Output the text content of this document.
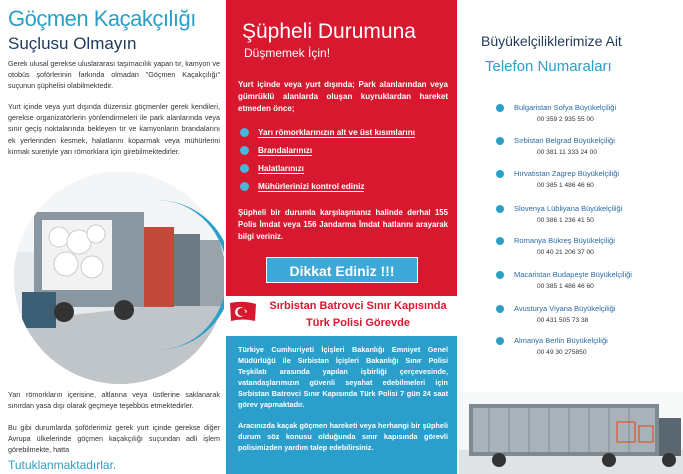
Göçmen Kaçakçılığı
Suçlusu Olmayın

Gerek ulusal gerekse uluslararası taşımacılık yapan tır, kamyon ve otobüs şoförlerinin farkında olmadan "Göçmen Kaçakçılığı" suçunun şüphelisi olabilmektedir.

Yurt içinde veya yurt dışında düzensiz göçmenler gerek kendileri, gerekse organizatörlerin yönlendirmeleri ile park alanlarında veya sınır geçiş noktalarında bekleyen tır ve kamyonların brandalarını ek yerlerinden kesmek, halatlarını koparmak veya mühürlerini kırmak suretiyle yarı römorklara için girebilmektedirler.

Yarı römorkların içerisine, altlarına veya üstlerine saklanarak sınırdan yasa dışı olarak geçmeye teşebbüs etmektedirler.

Bu gibi durumlarda şoförlerimiz gerek yurt içinde gerekse diğer Avrupa ülkelerinde göçmen kaçakçılığı suçundan adli işlem görebilmekte, hatta

Tutuklanmaktadırlar.
Şüpheli Durumuna
Düşmemek İçin!

Yurt içinde veya yurt dışında; Park alanlarından veya gümrüklü alanlarda oluşan kuyruklardan hareket etmeden önce;

Yarı römorklarınızın alt ve üst kısımlarını
Brandalarınızı
Halatlarınızı
Mühürlerinizi kontrol ediniz

Şüpheli bir durumla karşılaşmanız halinde derhal 155 Polis İmdat veya 156 Jandarma İmdat hatlarını arayarak bilgi veriniz.

Dikkat Ediniz !!!
Sırbistan Batrovci Sınır Kapısında
Türk Polisi Görevde

Türkiye Cumhuriyeti İçişleri Bakanlığı Emniyet Genel Müdürlüğü ile Sırbistan İçişleri Bakanlığı Sınır Polisi Teşkilatı arasında yapılan işbirliği çerçevesinde, vatandaşlarımızın güvenli seyahat edebilmeleri için Sırbistan Batrovci Sınır Kapısında Türk Polisi 7 gün 24 saat görev yapmaktadır.

Aracınızda kaçak göçmen hareketi veya herhangi bir şüpheli durum söz konusu olduğunda sınır kapısında görevli polisimizden yardım talep edebilirsiniz.

Büyükelçiliklerimize Ait
Telefon Numaraları
Bulgaristan Sofya Büyükelçiliği
00 359 2 935 55 00
Sırbistan Belgrad Büyükelçiliği
00 381 11 333 24 00
Hırvatistan Zagrep Büyükelçiliği
00 385 1 486 46 60
Slovenya Lübliyana Büyükelçiliği
00 386 1 236 41 50
Romanya Bükreş Büyükelçiliği
00 40 21 206 37 00
Macaristan Budapeşte Büyükelçiliği
00 385 1 486 46 60
Avusturya Viyana Büyükelçiliği
00 431 505 73 38
Almanya Berlin Büyükelçiliği
00 49 30 275850
